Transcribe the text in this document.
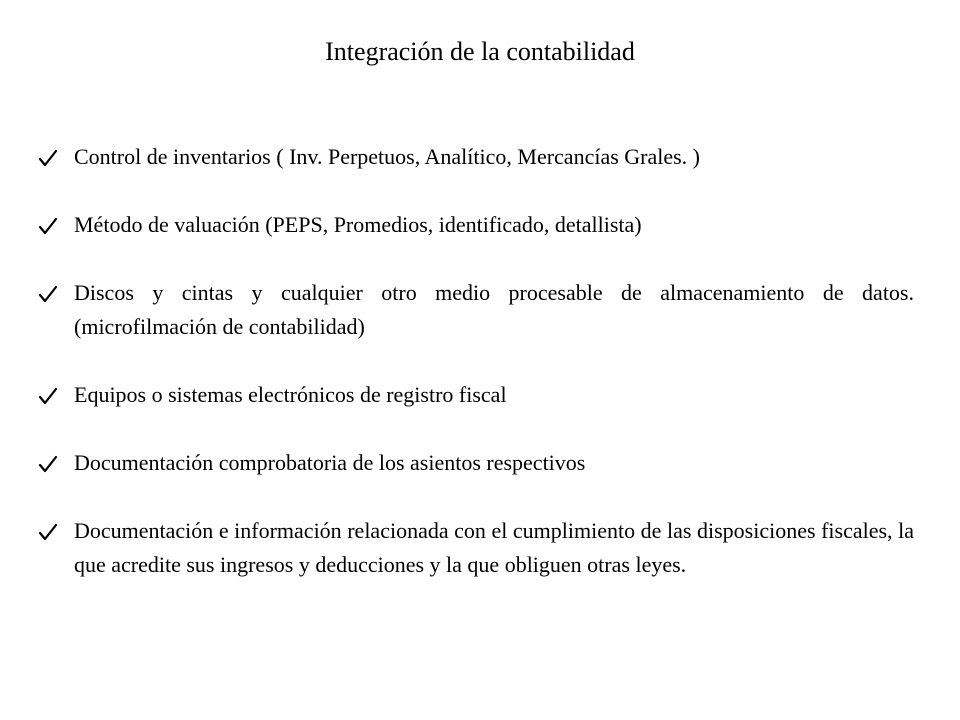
Integración de la contabilidad
Control de inventarios ( Inv. Perpetuos, Analítico, Mercancías Grales. )
Método de valuación (PEPS, Promedios, identificado, detallista)
Discos y cintas y cualquier otro medio procesable de almacenamiento de datos. (microfilmación de contabilidad)
Equipos o sistemas electrónicos de registro fiscal
Documentación comprobatoria de los asientos respectivos
Documentación e información relacionada con el cumplimiento de las disposiciones fiscales, la que acredite sus ingresos y deducciones y la que obliguen otras leyes.
